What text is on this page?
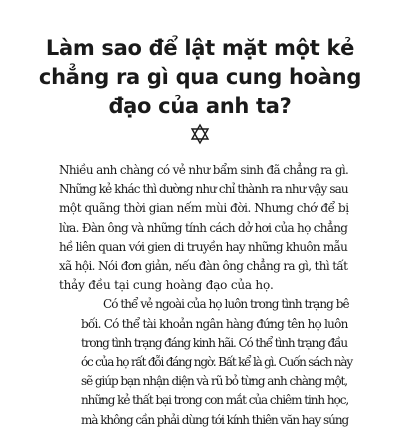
Làm sao để lật mặt một kẻ
chẳng ra gì qua cung hoàng
đạo của anh ta?

Nhiều anh chàng có vẻ như bẩm sinh đã chẳng ra gì.
Những kẻ khác thì dường như chỉ thành ra như vậy sau
một quãng thời gian nếm mùi đời. Nhưng chớ để bị
lừa. Đàn ông và những tính cách dở hơi của họ chẳng
hề liên quan với gien di truyền hay những khuôn mẫu
xã hội. Nói đơn giản, nếu đàn ông chẳng ra gì, thì tất
thảy đều tại cung hoàng đạo của họ.

Có thể vẻ ngoài của họ luôn trong tình trạng bê
bối. Có thể tài khoản ngân hàng đứng tên họ luôn
trong tình trạng đáng kinh hãi. Có thể tình trạng đầu
óc của họ rất đỗi đáng ngờ. Bất kể là gì. Cuốn sách này
sẽ giúp bạn nhận diện và rũ bỏ từng anh chàng một,
những kẻ thất bại trong con mắt của chiêm tinh học,
mà không cần phải dùng tới kính thiên văn hay súng
